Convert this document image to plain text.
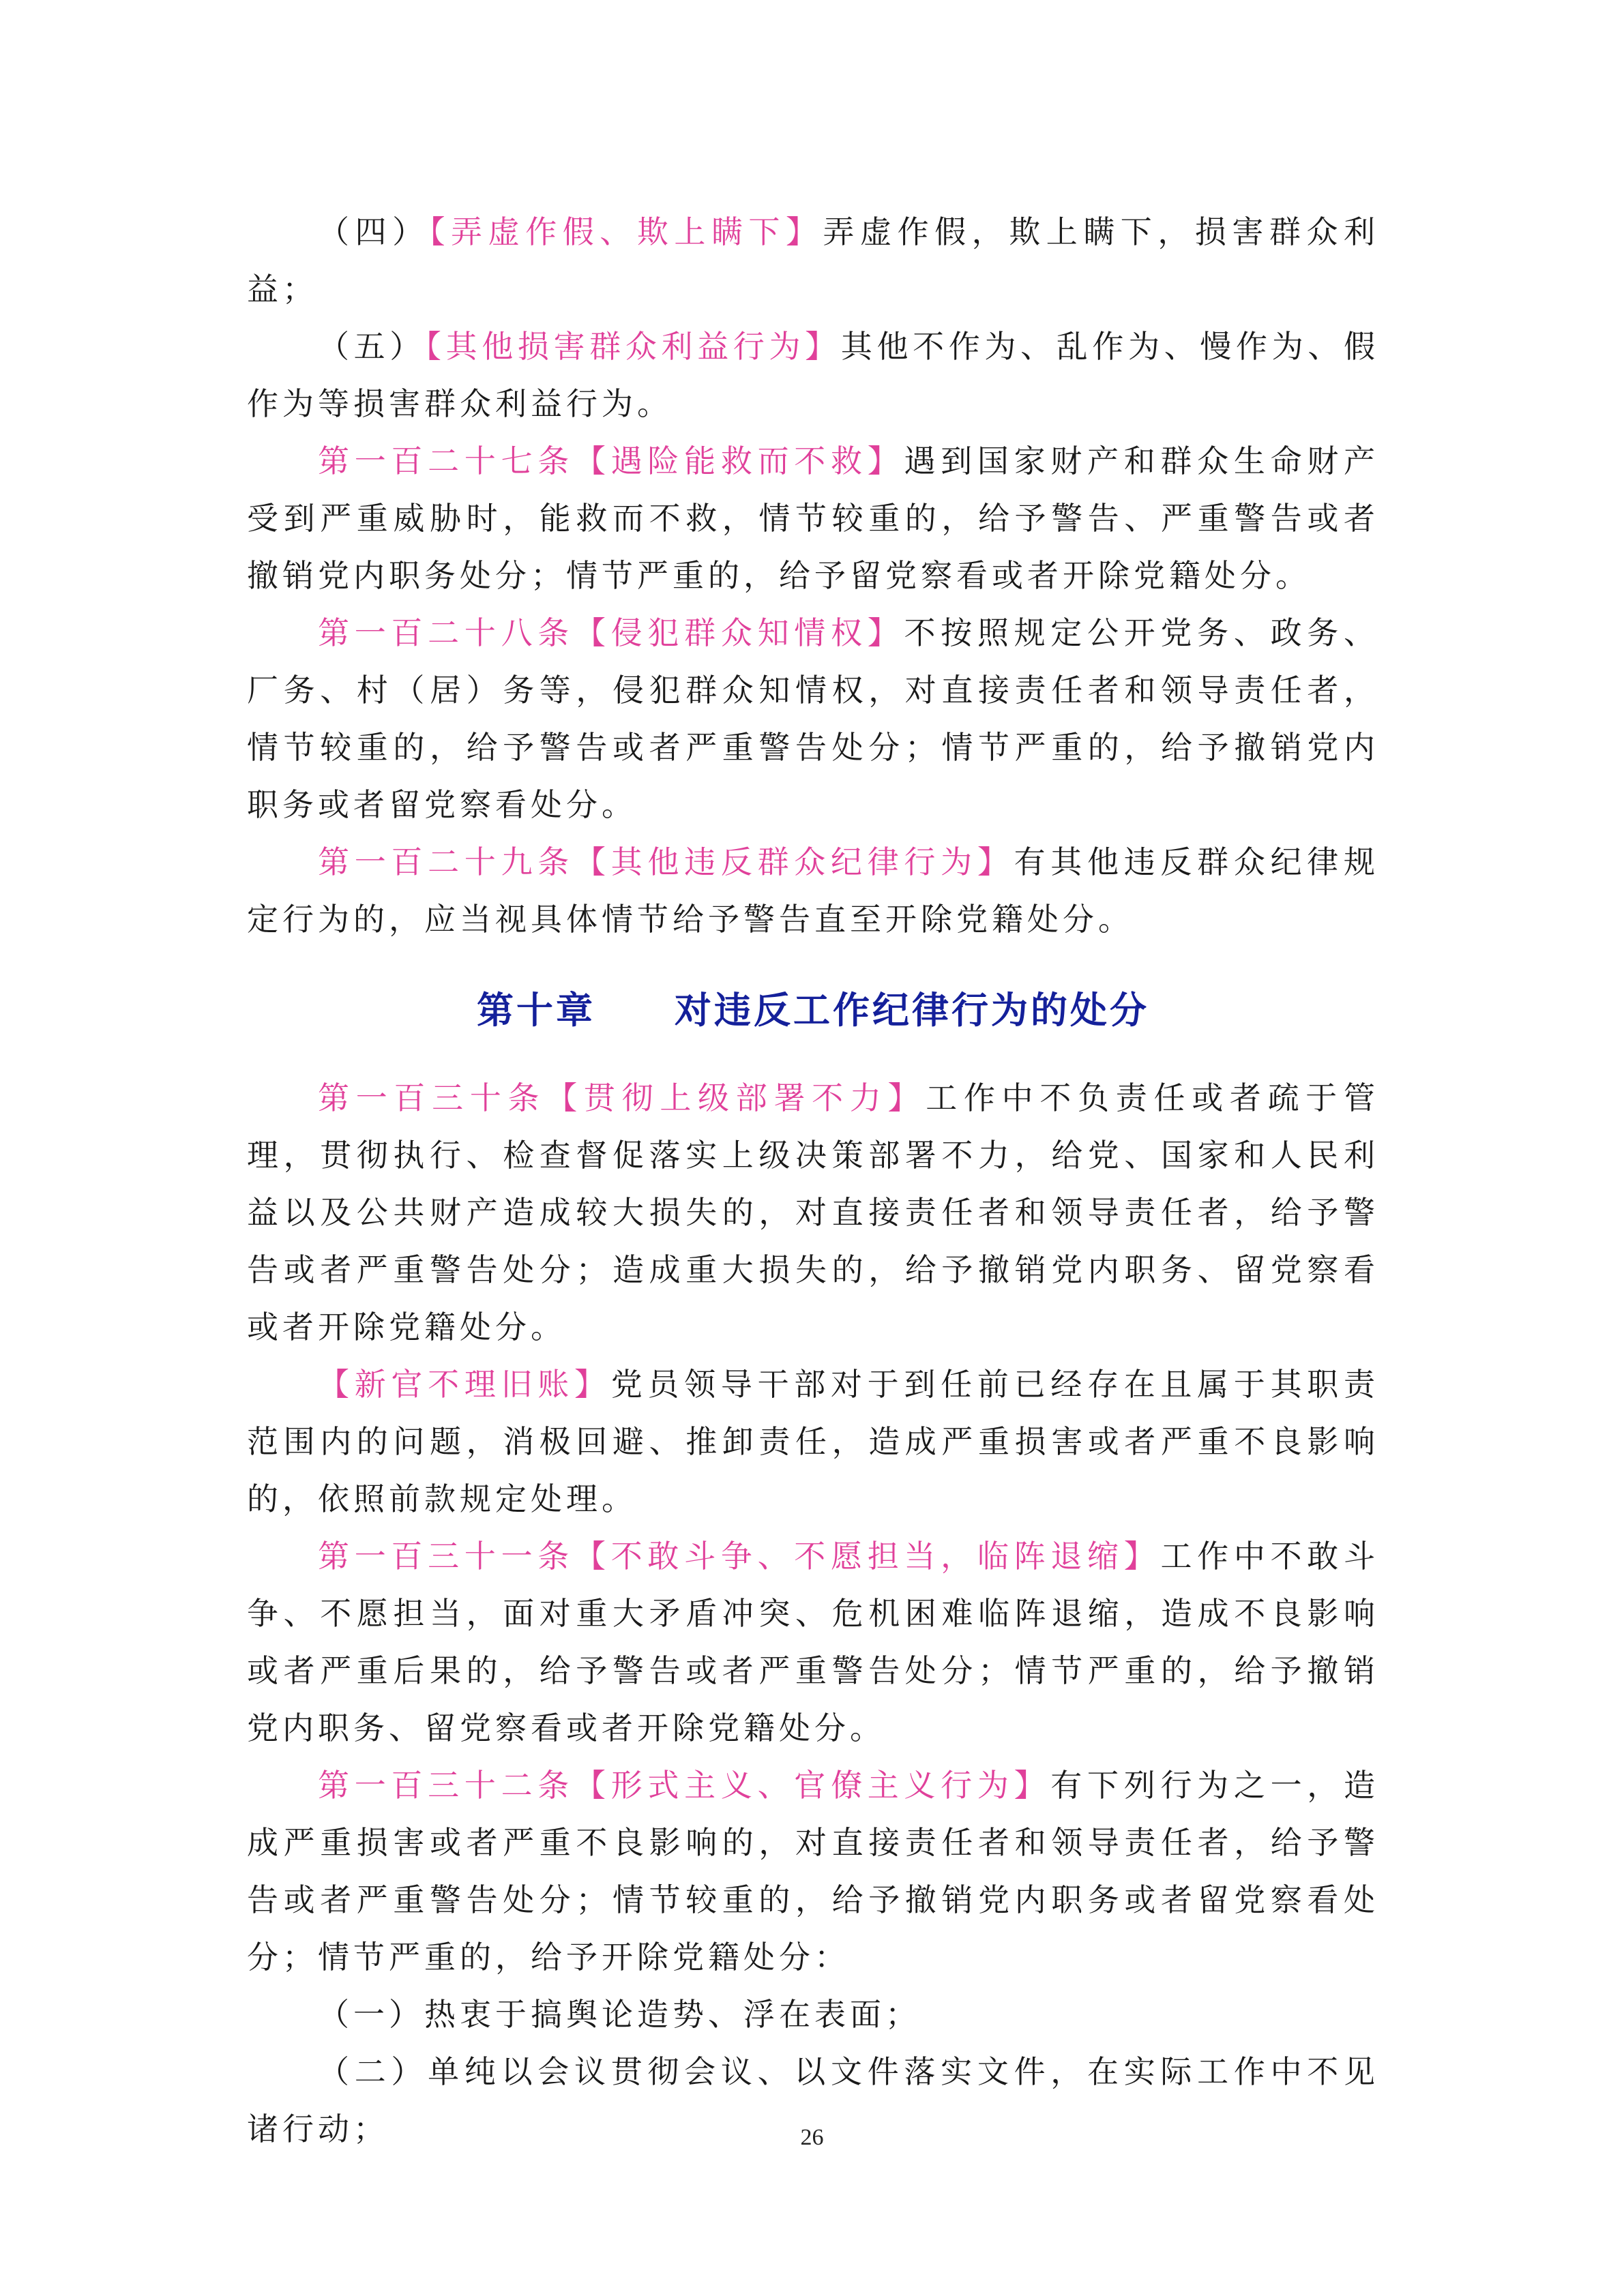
（四）【弄虚作假、欺上瞒下】弄虚作假，欺上瞒下，损害群众利益；

（五）【其他损害群众利益行为】其他不作为、乱作为、慢作为、假作为等损害群众利益行为。

第一百二十七条【遇险能救而不救】遇到国家财产和群众生命财产受到严重威胁时，能救而不救，情节较重的，给予警告、严重警告或者撤销党内职务处分；情节严重的，给予留党察看或者开除党籍处分。

第一百二十八条【侵犯群众知情权】不按照规定公开党务、政务、厂务、村（居）务等，侵犯群众知情权，对直接责任者和领导责任者，情节较重的，给予警告或者严重警告处分；情节严重的，给予撤销党内职务或者留党察看处分。

第一百二十九条【其他违反群众纪律行为】有其他违反群众纪律规定行为的，应当视具体情节给予警告直至开除党籍处分。

第十章　　对违反工作纪律行为的处分

第一百三十条【贯彻上级部署不力】工作中不负责任或者疏于管理，贯彻执行、检查督促落实上级决策部署不力，给党、国家和人民利益以及公共财产造成较大损失的，对直接责任者和领导责任者，给予警告或者严重警告处分；造成重大损失的，给予撤销党内职务、留党察看或者开除党籍处分。

【新官不理旧账】党员领导干部对于到任前已经存在且属于其职责范围内的问题，消极回避、推卸责任，造成严重损害或者严重不良影响的，依照前款规定处理。

第一百三十一条【不敢斗争、不愿担当，临阵退缩】工作中不敢斗争、不愿担当，面对重大矛盾冲突、危机困难临阵退缩，造成不良影响或者严重后果的，给予警告或者严重警告处分；情节严重的，给予撤销党内职务、留党察看或者开除党籍处分。

第一百三十二条【形式主义、官僚主义行为】有下列行为之一，造成严重损害或者严重不良影响的，对直接责任者和领导责任者，给予警告或者严重警告处分；情节较重的，给予撤销党内职务或者留党察看处分；情节严重的，给予开除党籍处分：

（一）热衷于搞舆论造势、浮在表面；

（二）单纯以会议贯彻会议、以文件落实文件，在实际工作中不见诸行动；	26
